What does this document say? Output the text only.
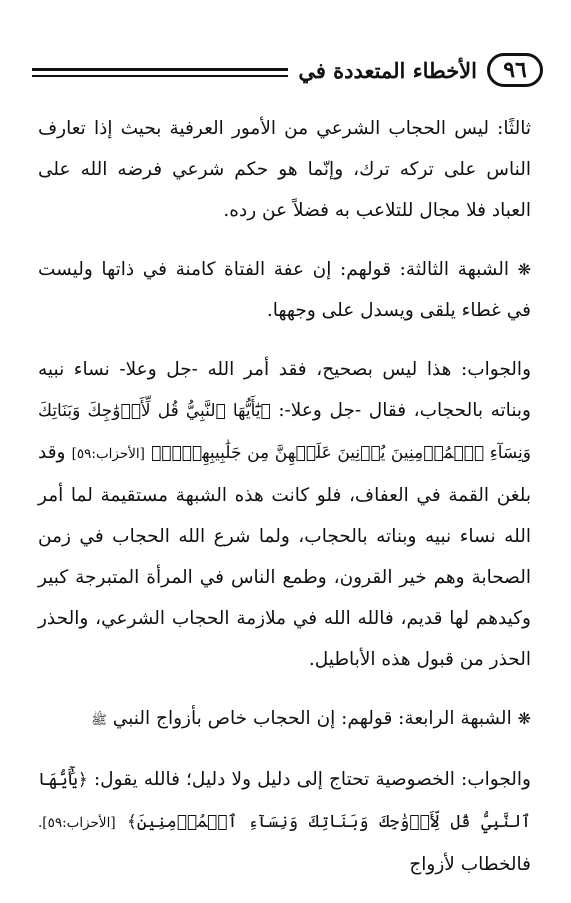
٩٦
الأخطاء المتعددة في

ثالثًا: ليس الحجاب الشرعي من الأمور العرفية بحيث إذا تعارف الناس على تركه ترك، وإنّما هو حكم شرعي فرضه الله على العباد فلا مجال للتلاعب به فضلاً عن رده.

❋ الشبهة الثالثة: قولهم: إن عفة الفتاة كامنة في ذاتها وليست في غطاء يلقى ويسدل على وجهها.

والجواب: هذا ليس بصحيح، فقد أمر الله -جل وعلا- نساء نبيه وبناته بالحجاب، فقال -جل وعلا-: ﴿يَٰٓأَيُّهَا ٱلنَّبِيُّ قُل لِّأَزۡوَٰجِكَ وَبَنَاتِكَ وَنِسَآءِ ٱلۡمُؤۡمِنِينَ يُدۡنِينَ عَلَيۡهِنَّ مِن جَلَٰبِيبِهِنَّۚ﴾ [الأحزاب:٥٩] وقد بلغن القمة في العفاف، فلو كانت هذه الشبهة مستقيمة لما أمر الله نساء نبيه وبناته بالحجاب، ولما شرع الله الحجاب في زمن الصحابة وهم خير القرون، وطمع الناس في المرأة المتبرجة كبير وكيدهم لها قديم، فالله الله في ملازمة الحجاب الشرعي، والحذر الحذر من قبول هذه الأباطيل.

❋ الشبهة الرابعة: قولهم: إن الحجاب خاص بأزواج النبي ﷺ

والجواب: الخصوصية تحتاج إلى دليل ولا دليل؛ فالله يقول: ﴿يَٰٓأَيُّهَا ٱلنَّبِيُّ قُل لِّأَزۡوَٰجِكَ وَبَنَاتِكَ وَنِسَآءِ ٱلۡمُؤۡمِنِينَ﴾ [الأحزاب:٥٩]. فالخطاب لأزواج
